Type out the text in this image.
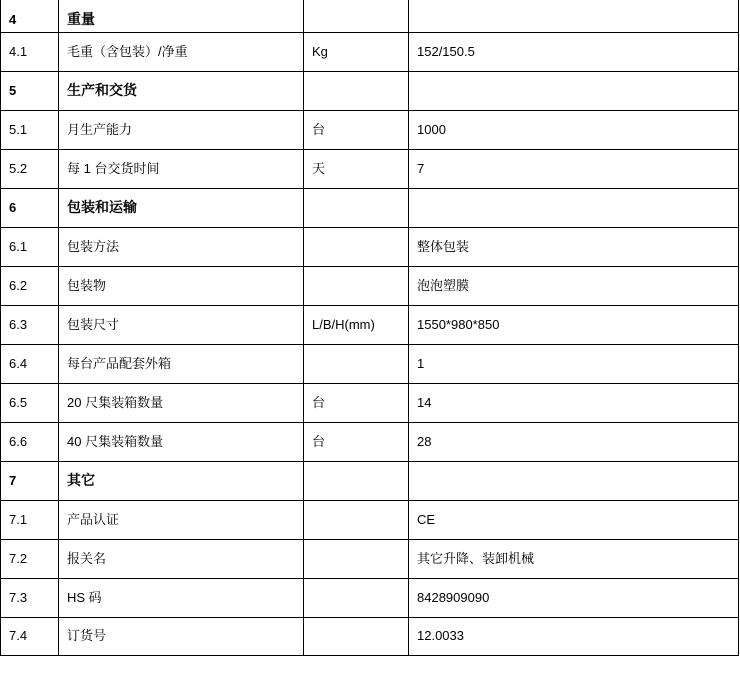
4	重量		
4.1	毛重（含包装）/净重	Kg	152/150.5
5	生产和交货		
5.1	月生产能力	台	1000
5.2	每 1 台交货时间	天	7
6	包装和运输		
6.1	包装方法		整体包装
6.2	包装物		泡泡塑膜
6.3	包装尺寸	L/B/H(mm)	1550*980*850
6.4	每台产品配套外箱		1
6.5	20 尺集装箱数量	台	14
6.6	40 尺集装箱数量	台	28
7	其它		
7.1	产品认证		CE
7.2	报关名		其它升降、装卸机械
7.3	HS 码		8428909090
7.4	订货号		12.0033
